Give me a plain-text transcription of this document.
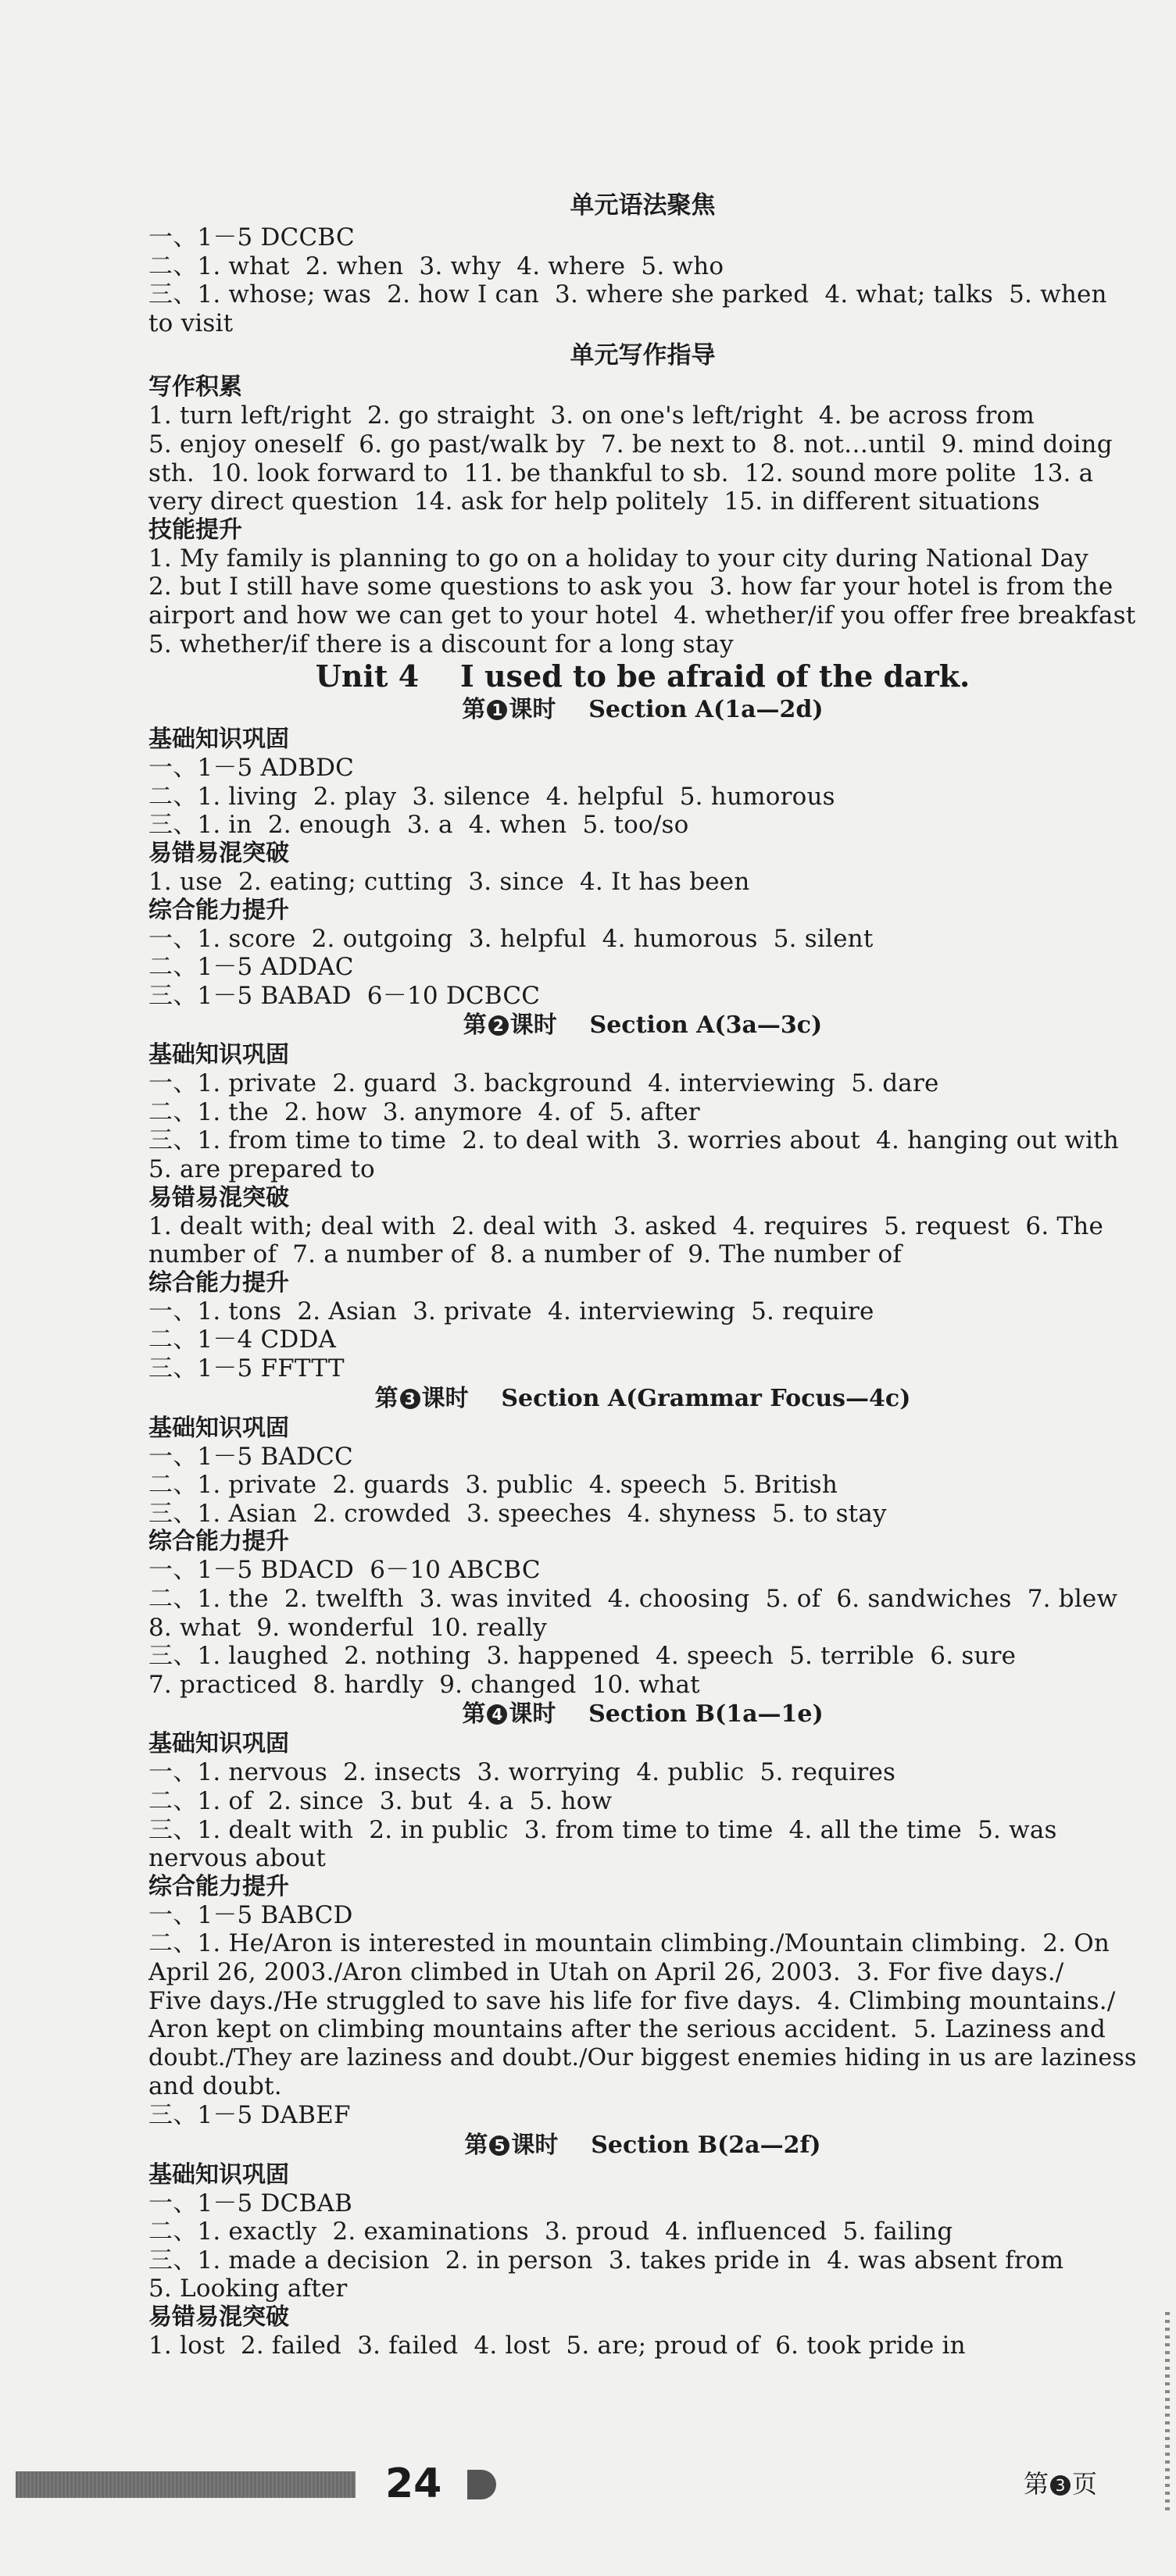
单元语法聚焦
一、1－5 DCCBC
二、1. what  2. when  3. why  4. where  5. who
三、1. whose; was  2. how I can  3. where she parked  4. what; talks  5. when
to visit
单元写作指导
写作积累
1. turn left/right  2. go straight  3. on one's left/right  4. be across from
5. enjoy oneself  6. go past/walk by  7. be next to  8. not…until  9. mind doing
sth.  10. look forward to  11. be thankful to sb.  12. sound more polite  13. a
very direct question  14. ask for help politely  15. in different situations
技能提升
1. My family is planning to go on a holiday to your city during National Day
2. but I still have some questions to ask you  3. how far your hotel is from the
airport and how we can get to your hotel  4. whether/if you offer free breakfast
5. whether/if there is a discount for a long stay
Unit 4    I used to be afraid of the dark.
第 1 课时    Section A(1a—2d)
基础知识巩固
一、1－5 ADBDC
二、1. living  2. play  3. silence  4. helpful  5. humorous
三、1. in  2. enough  3. a  4. when  5. too/so
易错易混突破
1. use  2. eating; cutting  3. since  4. It has been
综合能力提升
一、1. score  2. outgoing  3. helpful  4. humorous  5. silent
二、1－5 ADDAC
三、1－5 BABAD  6－10 DCBCC
第 2 课时    Section A(3a—3c)
基础知识巩固
一、1. private  2. guard  3. background  4. interviewing  5. dare
二、1. the  2. how  3. anymore  4. of  5. after
三、1. from time to time  2. to deal with  3. worries about  4. hanging out with
5. are prepared to
易错易混突破
1. dealt with; deal with  2. deal with  3. asked  4. requires  5. request  6. The
number of  7. a number of  8. a number of  9. The number of
综合能力提升
一、1. tons  2. Asian  3. private  4. interviewing  5. require
二、1－4 CDDA
三、1－5 FFTTT
第 3 课时    Section A(Grammar Focus—4c)
基础知识巩固
一、1－5 BADCC
二、1. private  2. guards  3. public  4. speech  5. British
三、1. Asian  2. crowded  3. speeches  4. shyness  5. to stay
综合能力提升
一、1－5 BDACD  6－10 ABCBC
二、1. the  2. twelfth  3. was invited  4. choosing  5. of  6. sandwiches  7. blew
8. what  9. wonderful  10. really
三、1. laughed  2. nothing  3. happened  4. speech  5. terrible  6. sure
7. practiced  8. hardly  9. changed  10. what
第 4 课时    Section B(1a—1e)
基础知识巩固
一、1. nervous  2. insects  3. worrying  4. public  5. requires
二、1. of  2. since  3. but  4. a  5. how
三、1. dealt with  2. in public  3. from time to time  4. all the time  5. was
nervous about
综合能力提升
一、1－5 BABCD
二、1. He/Aron is interested in mountain climbing./Mountain climbing.  2. On
April 26, 2003./Aron climbed in Utah on April 26, 2003.  3. For five days./
Five days./He struggled to save his life for five days.  4. Climbing mountains./
Aron kept on climbing mountains after the serious accident.  5. Laziness and
doubt./They are laziness and doubt./Our biggest enemies hiding in us are laziness
and doubt.
三、1－5 DABEF
第 5 课时    Section B(2a—2f)
基础知识巩固
一、1－5 DCBAB
二、1. exactly  2. examinations  3. proud  4. influenced  5. failing
三、1. made a decision  2. in person  3. takes pride in  4. was absent from
5. Looking after
易错易混突破
1. lost  2. failed  3. failed  4. lost  5. are; proud of  6. took pride in
24	第 3 页
